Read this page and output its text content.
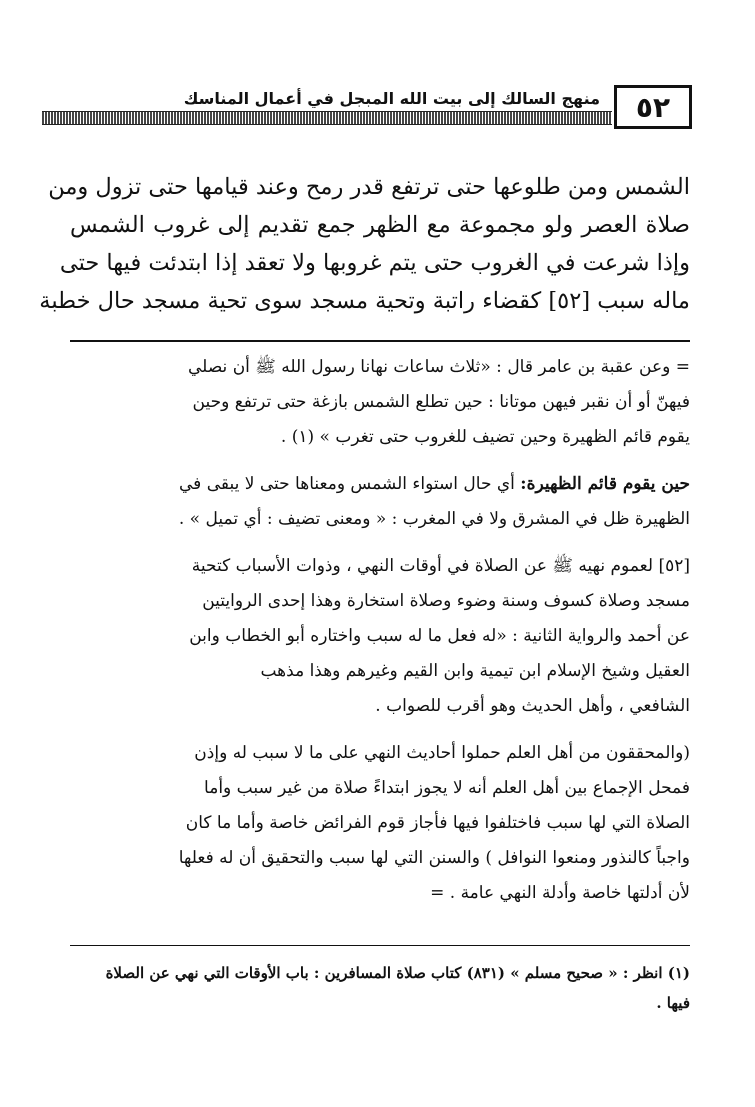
منهج السالك إلى بيت الله المبجل في أعمال المناسك	٥٢
الشمس ومن طلوعها حتى ترتفع قدر رمح وعند قيامها حتى تزول ومن
صلاة العصر ولو مجموعة مع الظهر جمع تقديم إلى غروب الشمس
وإذا شرعت في الغروب حتى يتم غروبها ولا تعقد إذا ابتدئت فيها حتى
ماله سبب [٥٢] كقضاء راتبة وتحية مسجد سوى تحية مسجد حال خطبة

= وعن عقبة بن عامر قال : «ثلاث ساعات نهانا رسول الله ﷺ أن نصلي
فيهنّ أو أن نقبر فيهن موتانا : حين تطلع الشمس بازغة حتى ترتفع وحين
يقوم قائم الظهيرة وحين تضيف للغروب حتى تغرب » (١) .

حين يقوم قائم الظهيرة: أي حال استواء الشمس ومعناها حتى لا يبقى في
الظهيرة ظل في المشرق ولا في المغرب : « ومعنى تضيف : أي تميل » .

[٥٢] لعموم نهيه ﷺ عن الصلاة في أوقات النهي ، وذوات الأسباب كتحية
مسجد وصلاة كسوف وسنة وضوء وصلاة استخارة وهذا إحدى الروايتين
عن أحمد والرواية الثانية : «له فعل ما له سبب واختاره أبو الخطاب وابن
العقيل وشيخ الإسلام ابن تيمية وابن القيم وغيرهم وهذا مذهب
الشافعي ، وأهل الحديث وهو أقرب للصواب .

(والمحققون من أهل العلم حملوا أحاديث النهي على ما لا سبب له وإذن
فمحل الإجماع بين أهل العلم أنه لا يجوز ابتداءً صلاة من غير سبب وأما
الصلاة التي لها سبب فاختلفوا فيها فأجاز قوم الفرائض خاصة وأما ما كان
واجباً كالنذور ومنعوا النوافل ) والسنن التي لها سبب والتحقيق أن له فعلها
لأن أدلتها خاصة وأدلة النهي عامة . =

(١) انظر : « صحيح مسلم » (٨٣١) كتاب صلاة المسافرين : باب الأوقات التي نهي عن الصلاة
فيها .
